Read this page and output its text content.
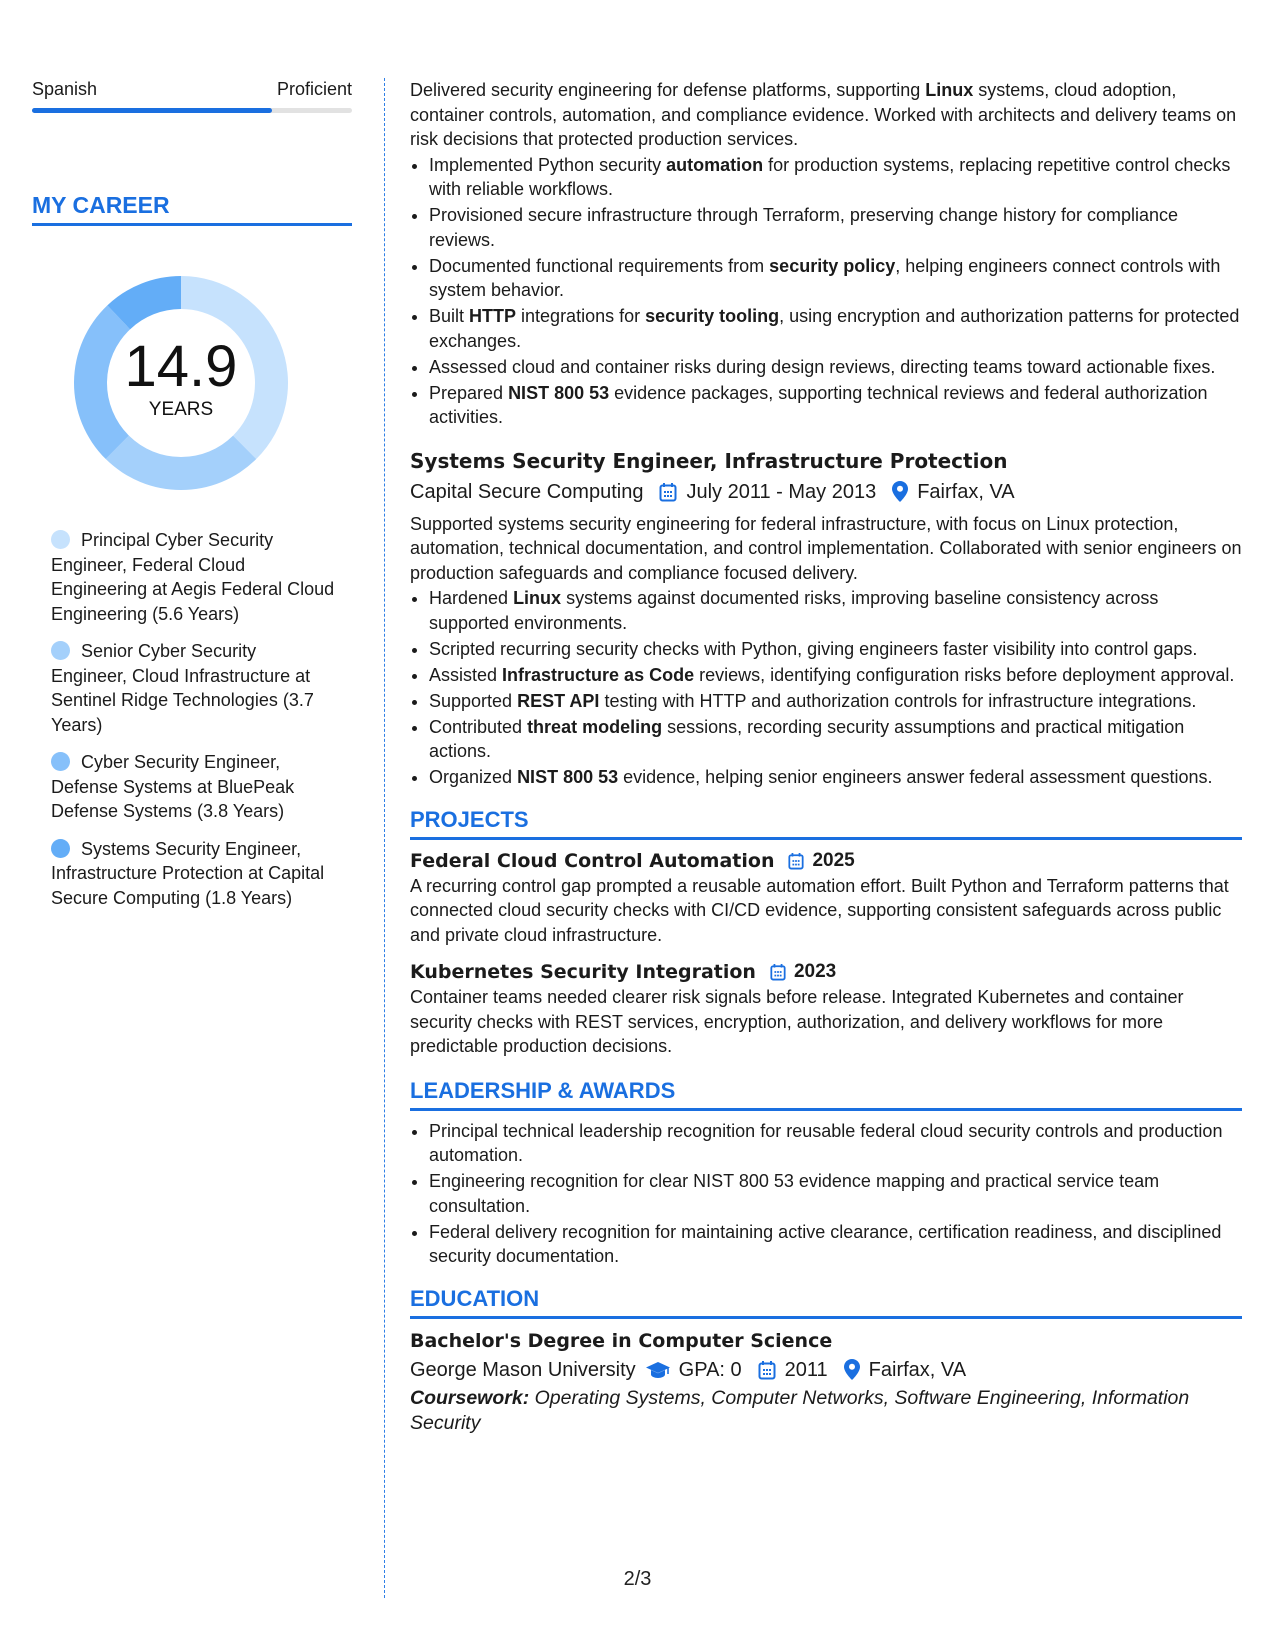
Spanish	Proficient
MY CAREER
14.9
YEARS
Principal Cyber Security Engineer, Federal Cloud Engineering at Aegis Federal Cloud Engineering (5.6 Years)
Senior Cyber Security Engineer, Cloud Infrastructure at Sentinel Ridge Technologies (3.7 Years)
Cyber Security Engineer, Defense Systems at BluePeak Defense Systems (3.8 Years)
Systems Security Engineer, Infrastructure Protection at Capital Secure Computing (1.8 Years)

Delivered security engineering for defense platforms, supporting Linux systems, cloud adoption, container controls, automation, and compliance evidence. Worked with architects and delivery teams on risk decisions that protected production services.

• Implemented Python security automation for production systems, replacing repetitive control checks with reliable workflows.
• Provisioned secure infrastructure through Terraform, preserving change history for compliance reviews.
• Documented functional requirements from security policy, helping engineers connect controls with system behavior.
• Built HTTP integrations for security tooling, using encryption and authorization patterns for protected exchanges.
• Assessed cloud and container risks during design reviews, directing teams toward actionable fixes.
• Prepared NIST 800 53 evidence packages, supporting technical reviews and federal authorization activities.
Systems Security Engineer, Infrastructure Protection
Capital Secure Computing July 2011 - May 2013 Fairfax, VA

Supported systems security engineering for federal infrastructure, with focus on Linux protection, automation, technical documentation, and control implementation. Collaborated with senior engineers on production safeguards and compliance focused delivery.

• Hardened Linux systems against documented risks, improving baseline consistency across supported environments.
• Scripted recurring security checks with Python, giving engineers faster visibility into control gaps.
• Assisted Infrastructure as Code reviews, identifying configuration risks before deployment approval.
• Supported REST API testing with HTTP and authorization controls for infrastructure integrations.
• Contributed threat modeling sessions, recording security assumptions and practical mitigation actions.
• Organized NIST 800 53 evidence, helping senior engineers answer federal assessment questions.
PROJECTS
Federal Cloud Control Automation 2025

A recurring control gap prompted a reusable automation effort. Built Python and Terraform patterns that connected cloud security checks with CI/CD evidence, supporting consistent safeguards across public and private cloud infrastructure.

Kubernetes Security Integration 2023

Container teams needed clearer risk signals before release. Integrated Kubernetes and container security checks with REST services, encryption, authorization, and delivery workflows for more predictable production decisions.

LEADERSHIP & AWARDS
• Principal technical leadership recognition for reusable federal cloud security controls and production automation.
• Engineering recognition for clear NIST 800 53 evidence mapping and practical service team consultation.
• Federal delivery recognition for maintaining active clearance, certification readiness, and disciplined security documentation.
EDUCATION
Bachelor's Degree in Computer Science
George Mason University GPA: 0 2011 Fairfax, VA
Coursework: Operating Systems, Computer Networks, Software Engineering, Information Security
2/3
